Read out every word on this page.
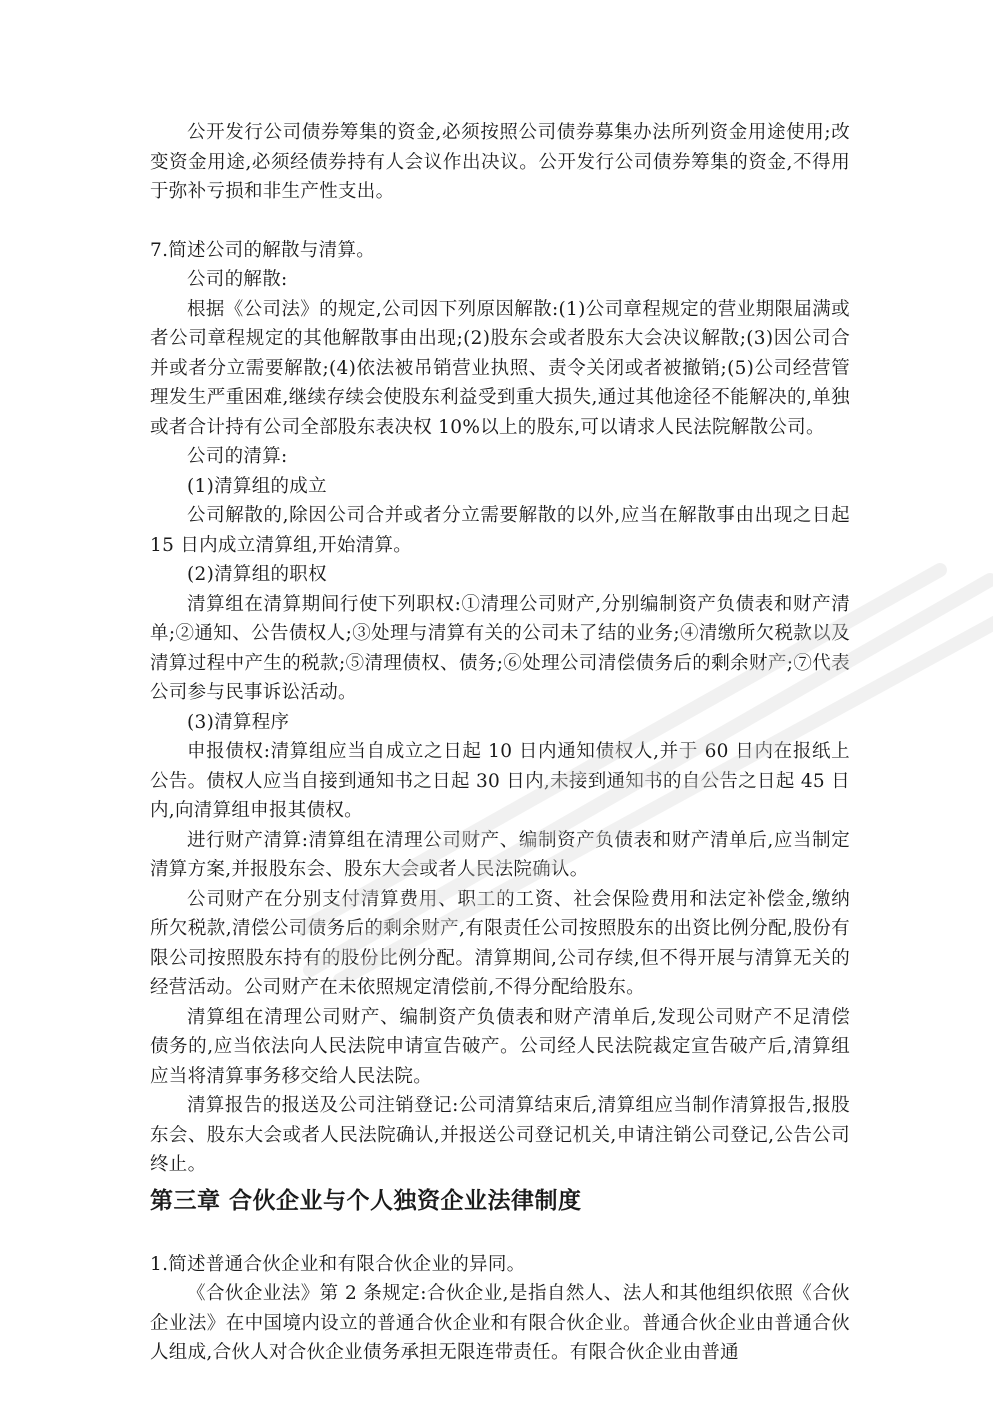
公开发行公司债券筹集的资金,必须按照公司债券募集办法所列资金用途使用;改变资金用途,必须经债券持有人会议作出决议。公开发行公司债券筹集的资金,不得用于弥补亏损和非生产性支出。

7.简述公司的解散与清算。

公司的解散:

根据《公司法》的规定,公司因下列原因解散:(1)公司章程规定的营业期限届满或者公司章程规定的其他解散事由出现;(2)股东会或者股东大会决议解散;(3)因公司合并或者分立需要解散;(4)依法被吊销营业执照、责令关闭或者被撤销;(5)公司经营管理发生严重困难,继续存续会使股东利益受到重大损失,通过其他途径不能解决的,单独或者合计持有公司全部股东表决权 10%以上的股东,可以请求人民法院解散公司。

公司的清算:

(1)清算组的成立

公司解散的,除因公司合并或者分立需要解散的以外,应当在解散事由出现之日起 15 日内成立清算组,开始清算。

(2)清算组的职权

清算组在清算期间行使下列职权:①清理公司财产,分别编制资产负债表和财产清单;②通知、公告债权人;③处理与清算有关的公司未了结的业务;④清缴所欠税款以及清算过程中产生的税款;⑤清理债权、债务;⑥处理公司清偿债务后的剩余财产;⑦代表公司参与民事诉讼活动。

(3)清算程序

申报债权:清算组应当自成立之日起 10 日内通知债权人,并于 60 日内在报纸上公告。债权人应当自接到通知书之日起 30 日内,未接到通知书的自公告之日起 45 日内,向清算组申报其债权。

进行财产清算:清算组在清理公司财产、编制资产负债表和财产清单后,应当制定清算方案,并报股东会、股东大会或者人民法院确认。

公司财产在分别支付清算费用、职工的工资、社会保险费用和法定补偿金,缴纳所欠税款,清偿公司债务后的剩余财产,有限责任公司按照股东的出资比例分配,股份有限公司按照股东持有的股份比例分配。清算期间,公司存续,但不得开展与清算无关的经营活动。公司财产在未依照规定清偿前,不得分配给股东。

清算组在清理公司财产、编制资产负债表和财产清单后,发现公司财产不足清偿债务的,应当依法向人民法院申请宣告破产。公司经人民法院裁定宣告破产后,清算组应当将清算事务移交给人民法院。

清算报告的报送及公司注销登记:公司清算结束后,清算组应当制作清算报告,报股东会、股东大会或者人民法院确认,并报送公司登记机关,申请注销公司登记,公告公司终止。

第三章 合伙企业与个人独资企业法律制度

1.简述普通合伙企业和有限合伙企业的异同。

《合伙企业法》第 2 条规定:合伙企业,是指自然人、法人和其他组织依照《合伙企业法》在中国境内设立的普通合伙企业和有限合伙企业。普通合伙企业由普通合伙人组成,合伙人对合伙企业债务承担无限连带责任。有限合伙企业由普通
